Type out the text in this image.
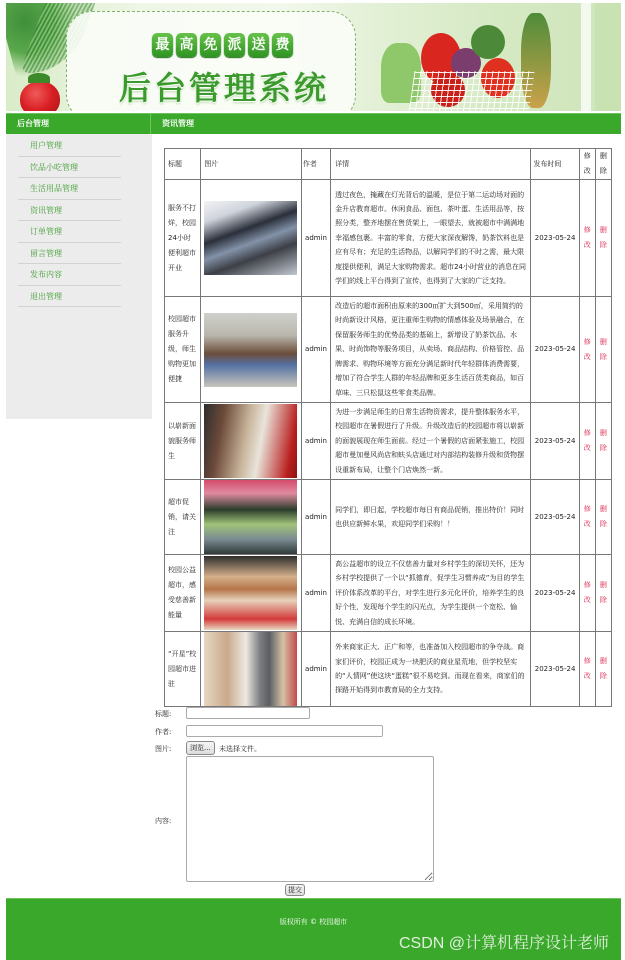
最 高 免 派 送 费
后台管理系统
后台管理	资讯管理
用户管理
饮品小吃管理
生活用品管理
资讯管理
订单管理
留言管理
发布内容
退出管理
标题	图片	作者	详情	发布时间	修改	删除
服务不打烊，校园24小时便利超市开业		admin	透过夜色，掩藏在灯光背后的温暖，是位于第二运动场对面的金升店教育超市。休闲食品、面包、茶叶蛋、生活用品等，按照分类，整齐地摆在售货架上，一眼望去，就被超市中满满地幸福感包裹。丰富的零食，方便大家深夜解馋，奶茶饮料也是应有尽有；充足的生活物品，以解同学们的不时之需，最大限度提供便利，满足大家购物需求。超市24小时营业的消息在同学们的线上平台得到了宣传，也得到了大家的广泛支持。	2023-05-24	修改	删除
校园超市服务升级，师生购物更加便捷		admin	改造后的超市面积由原来的300㎡扩大到500㎡，采用简约的时尚新设计风格，更注重师生购物的情感体验及场景融合，在保留服务师生的优势品类的基础上，新增设了奶茶饮品、水果、时尚饰物等服务项目，从卖场、商品结构、价格管控、品牌需求、购物环境等方面充分满足新时代年轻群体消费需要，增加了符合学生人群的年轻品牌和更多生活百货类商品，如百草味、三只松鼠这些零食类品牌。	2023-05-24	修改	删除
以崭新面貌服务师生		admin	为进一步满足师生的日常生活物资需求，提升整体服务水平，校园超市在暑假进行了升级。升级改造后的校园超市将以崭新的面貌展现在师生面前。经过一个暑假的店面紧张施工，校园超市曼加曼风尚店和蚨头店通过对内部结构装修升级和货物摆设重新布局，让整个门店焕然一新。	2023-05-24	修改	删除
超市促销，请关注		admin	同学们，即日起，学校超市每日有商品促销，推出特价！同时也供应新鲜水果，欢迎同学们采购！！	2023-05-24	修改	删除
校园公益超市，感受慈善新能量		admin	高公益超市的设立不仅慈善力量对乡村学生的深切关怀，还为乡村学校提供了一个以“抓德育，促学生习惯养成”为目的学生评价体系改革的平台，对学生进行多元化评价，培养学生的良好个性，发现每个学生的闪光点，为学生提供一个宽松、愉悦、充满自信的成长环境。	2023-05-24	修改	删除
“开星”校园超市进驻		admin	外来商家正大、正广和等，也准备加入校园超市的争夺战。商家们评价，校园正成为一块肥沃的商业星荒地，但学校坚实的“人情网”使这块“蛋糕”很不易吃到。而现在看来，商家们的探路开始得到市教育局的全力支持。	2023-05-24	修改	删除
标题:
作者:
图片:	浏览...	未选择文件。
内容:
提交
版权所有 © 校园超市
CSDN @计算机程序设计老师
